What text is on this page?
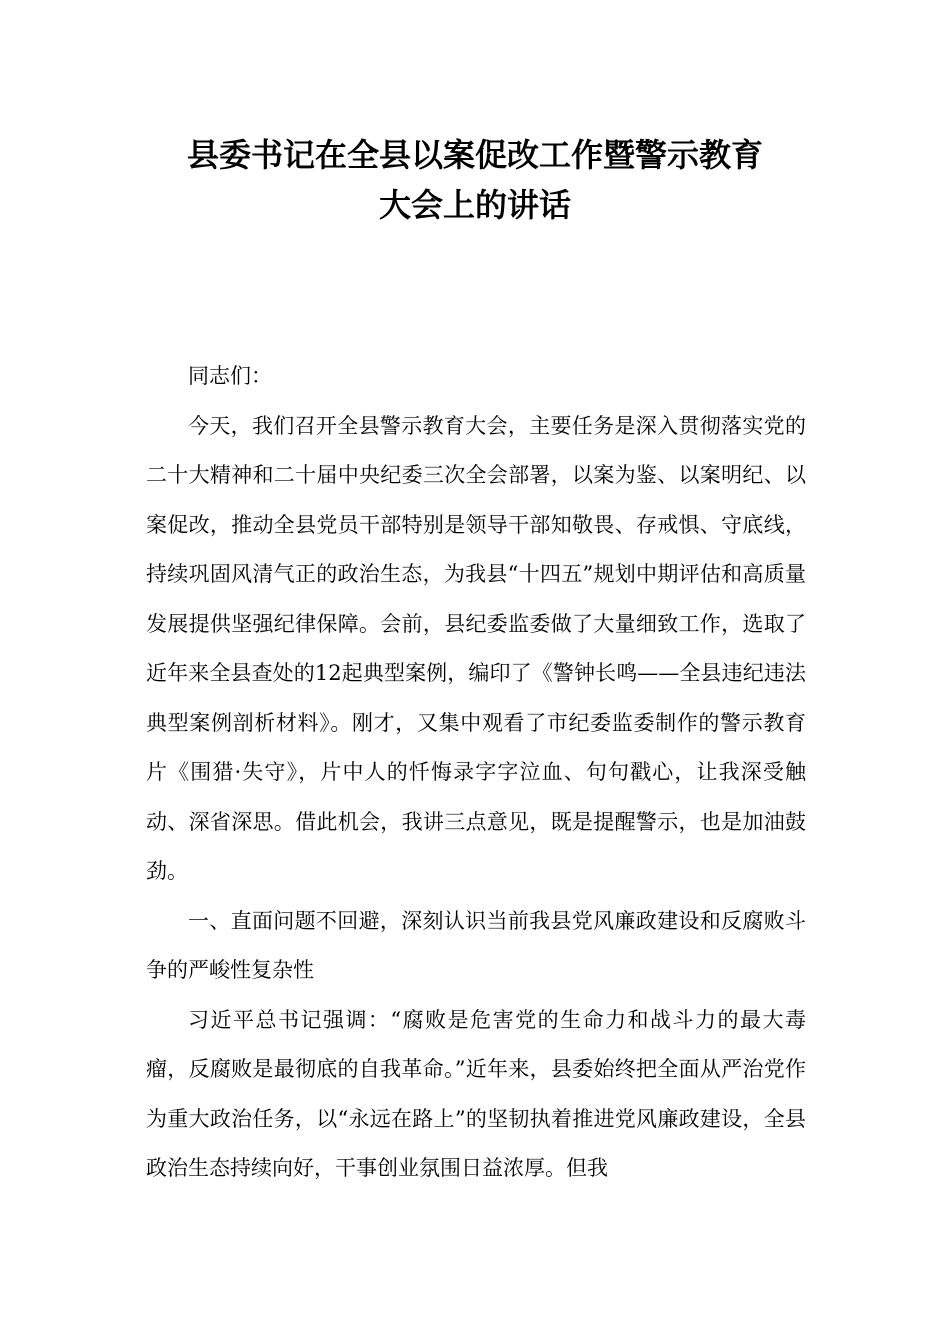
县委书记在全县以案促改工作暨警示教育
大会上的讲话

同志们：

今天，我们召开全县警示教育大会，主要任务是深入贯彻落实党的二十大精神和二十届中央纪委三次全会部署，以案为鉴、以案明纪、以案促改，推动全县党员干部特别是领导干部知敬畏、存戒惧、守底线，持续巩固风清气正的政治生态，为我县“十四五”规划中期评估和高质量发展提供坚强纪律保障。会前，县纪委监委做了大量细致工作，选取了近年来全县查处的12起典型案例，编印了《警钟长鸣——全县违纪违法典型案例剖析材料》。刚才，又集中观看了市纪委监委制作的警示教育片《围猎·失守》，片中人的忏悔录字字泣血、句句戳心，让我深受触动、深省深思。借此机会，我讲三点意见，既是提醒警示，也是加油鼓劲。

一、直面问题不回避，深刻认识当前我县党风廉政建设和反腐败斗争的严峻性复杂性

习近平总书记强调：“腐败是危害党的生命力和战斗力的最大毒瘤，反腐败是最彻底的自我革命。”近年来，县委始终把全面从严治党作为重大政治任务，以“永远在路上”的坚韧执着推进党风廉政建设，全县政治生态持续向好，干事创业氛围日益浓厚。但我
